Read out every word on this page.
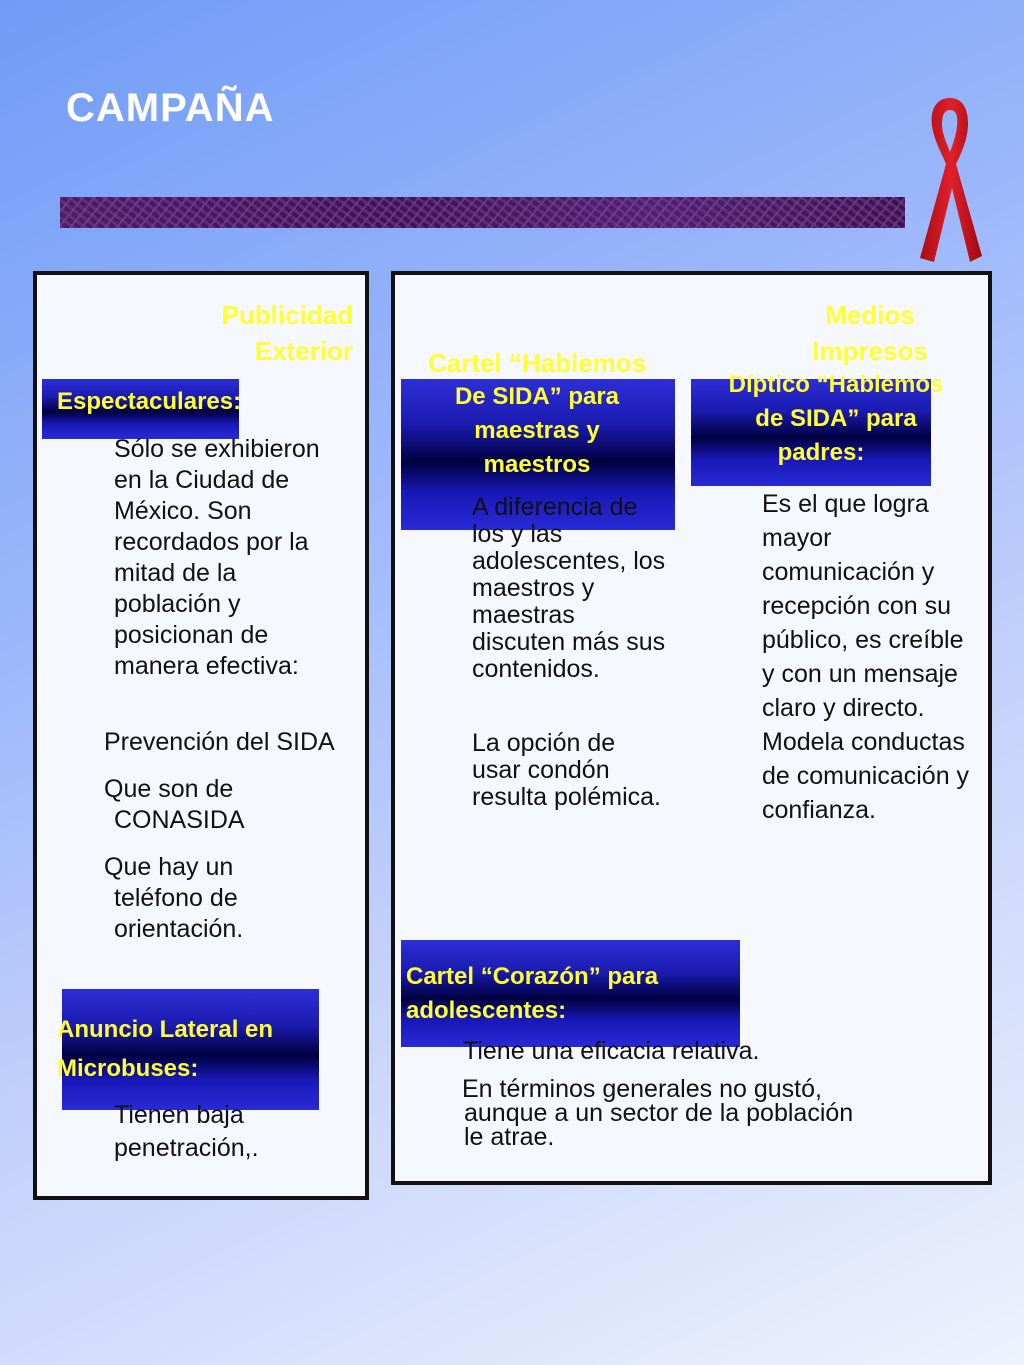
CAMPAÑA
Publicidad
Exterior
Espectaculares:
Sólo se exhibieron en la Ciudad de México. Son recordados por la mitad de la población y posicionan de manera efectiva:
Prevención del SIDA
Que son de CONASIDA
Que hay un teléfono de orientación.
Anuncio Lateral en
Microbuses:
Tienen baja penetración,.
Cartel “Hablemos
De SIDA” para
maestras y
maestros
A diferencia de los y las adolescentes, los maestros y maestras discuten más sus contenidos.
La opción de usar condón resulta polémica.
Medios
Impresos
Díptico “Hablemos
de SIDA” para
padres:
Es el que logra mayor comunicación y recepción con su público, es creíble y con un mensaje claro y directo. Modela conductas de comunicación y confianza.
Cartel “Corazón” para
adolescentes:
Tiene una eficacia relativa.
En términos generales no gustó,
aunque a un sector de la población
le atrae.
